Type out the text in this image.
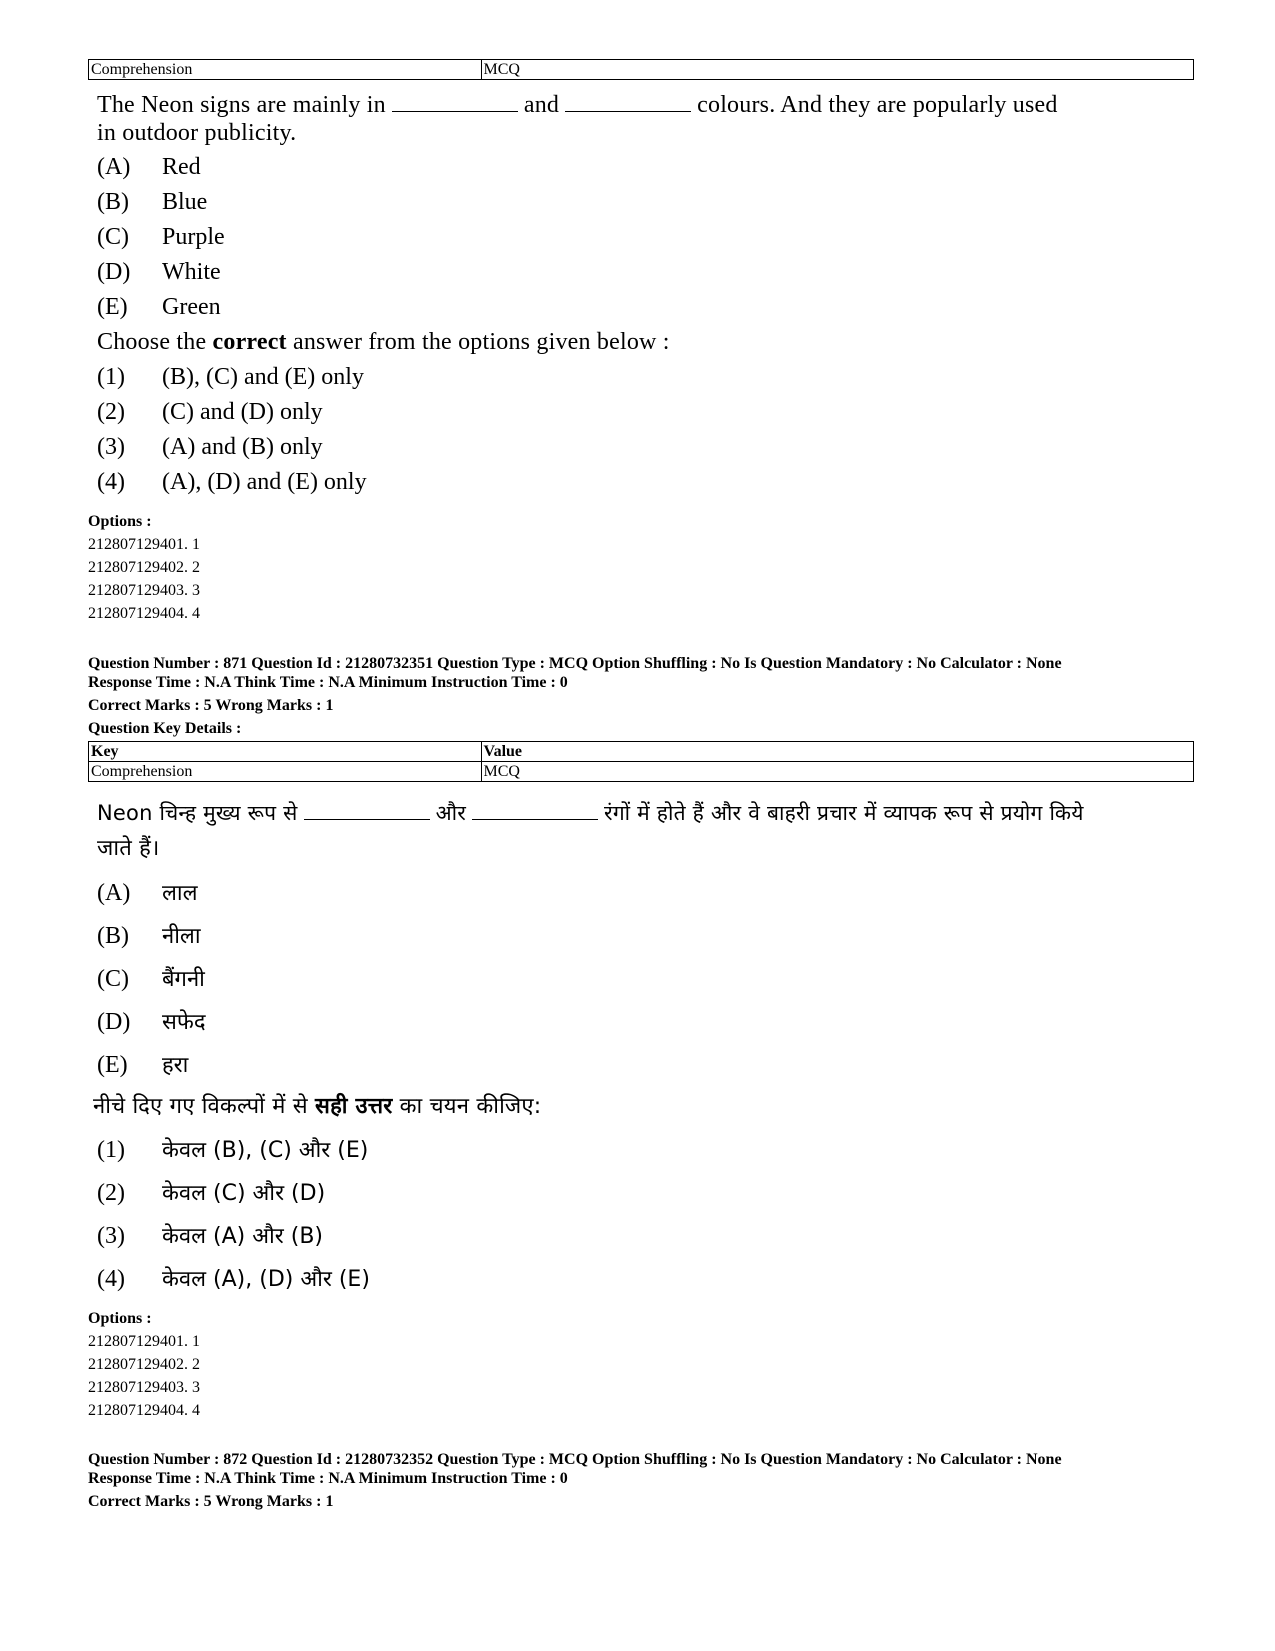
Comprehension	MCQ
The Neon signs are mainly in	and	colours. And they are popularly used
in outdoor publicity.
(A) Red
(B) Blue
(C) Purple
(D) White
(E) Green
Choose the correct answer from the options given below :
(1) (B), (C) and (E) only
(2) (C) and (D) only
(3) (A) and (B) only
(4) (A), (D) and (E) only
Options :
212807129401. 1
212807129402. 2
212807129403. 3
212807129404. 4
Question Number : 871 Question Id : 21280732351 Question Type : MCQ Option Shuffling : No Is Question Mandatory : No Calculator : None
Response Time : N.A Think Time : N.A Minimum Instruction Time : 0
Correct Marks : 5 Wrong Marks : 1
Question Key Details :
Key	Value
Comprehension	MCQ
Neon चिन्ह मुख्य रूप से	और	रंगों में होते हैं और वे बाहरी प्रचार में व्यापक रूप से प्रयोग किये
जाते हैं।
(A) लाल
(B) नीला
(C) बैंगनी
(D) सफेद
(E) हरा
नीचे दिए गए विकल्पों में से सही उत्तर का चयन कीजिए:
(1) केवल (B), (C) और (E)
(2) केवल (C) और (D)
(3) केवल (A) और (B)
(4) केवल (A), (D) और (E)
Options :
212807129401. 1
212807129402. 2
212807129403. 3
212807129404. 4
Question Number : 872 Question Id : 21280732352 Question Type : MCQ Option Shuffling : No Is Question Mandatory : No Calculator : None
Response Time : N.A Think Time : N.A Minimum Instruction Time : 0
Correct Marks : 5 Wrong Marks : 1
